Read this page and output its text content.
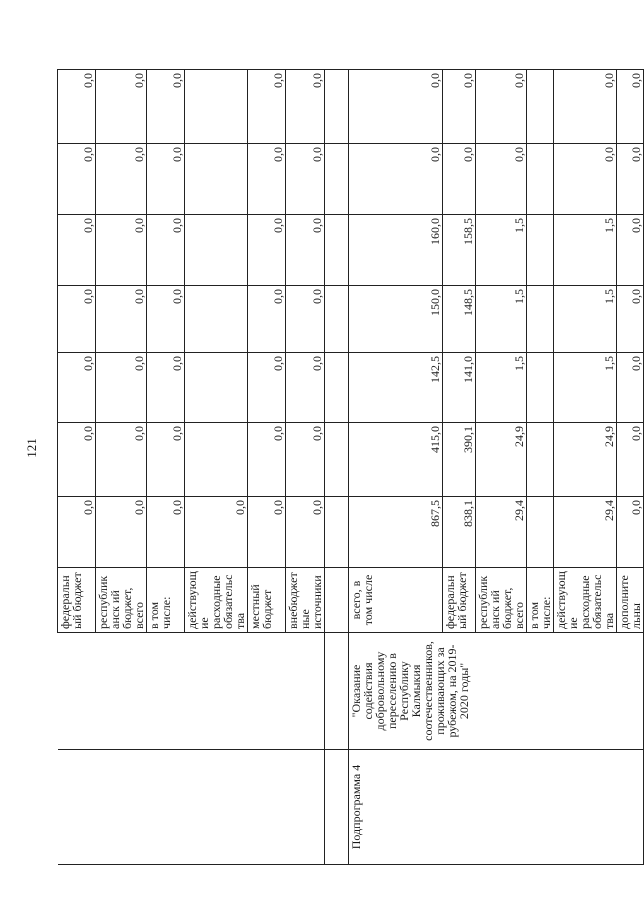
121
		федеральный бюджет	0,0	0,0	0,0	0,0	0,0	0,0	0,0
		республиканск ий бюджет, всего	0,0	0,0	0,0	0,0	0,0	0,0	0,0
		в том числе:	0,0	0,0	0,0	0,0	0,0	0,0	0,0
		действующие расходные обязательства	0,0						
		местный бюджет	0,0	0,0	0,0	0,0	0,0	0,0	0,0
		внебюджетные источники	0,0	0,0	0,0	0,0	0,0	0,0	0,0

Подпрограмма 4	"Оказание содействия добровольному переселению в Республику Калмыкия соотечественников, проживающих за рубежом, на 2019-2020 годы"	всего, в том числе	867,5	415,0	142,5	150,0	160,0	0,0	0,0
		федеральный бюджет	838,1	390,1	141,0	148,5	158,5	0,0	0,0
		республиканск ий бюджет, всего	29,4	24,9	1,5	1,5	1,5	0,0	0,0
		в том числе:							
		действующие расходные обязательства	29,4	24,9	1,5	1,5	1,5	0,0	0,0
		дополнительны	0,0	0,0	0,0	0,0	0,0	0,0	0,0
